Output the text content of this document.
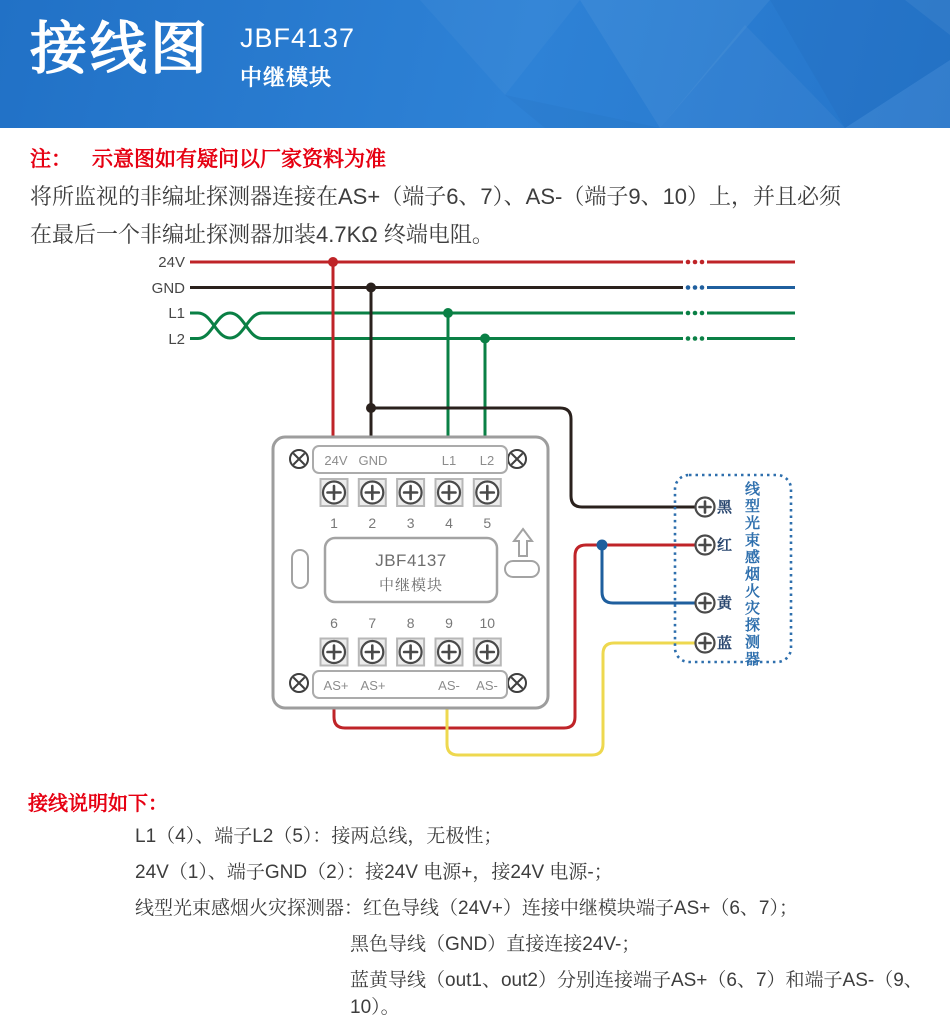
接线图 JBF4137
中继模块
注： 示意图如有疑问以厂家资料为准
将所监视的非编址探测器连接在AS+（端子6、7）、AS-（端子9、10）上，并且必须
在最后一个非编址探测器加装4.7KΩ 终端电阻。
24V
GND
L1
L2
24V GND	L1 L2
1 2 3 4 5
JBF4137
中继模块
6 7 8 9 10
AS+ AS+	AS- AS-
黑
红
黄
蓝 线型光束感烟火灾探测器
接线说明如下：
L1（4）、端子L2（5）：接两总线，无极性；
24V（1）、端子GND（2）：接24V 电源+，接24V 电源-；
线型光束感烟火灾探测器：红色导线（24V+）连接中继模块端子AS+（6、7）；
黑色导线（GND）直接连接24V-；
蓝黄导线（out1、out2）分别连接端子AS+（6、7）和端子AS-（9、10）。
